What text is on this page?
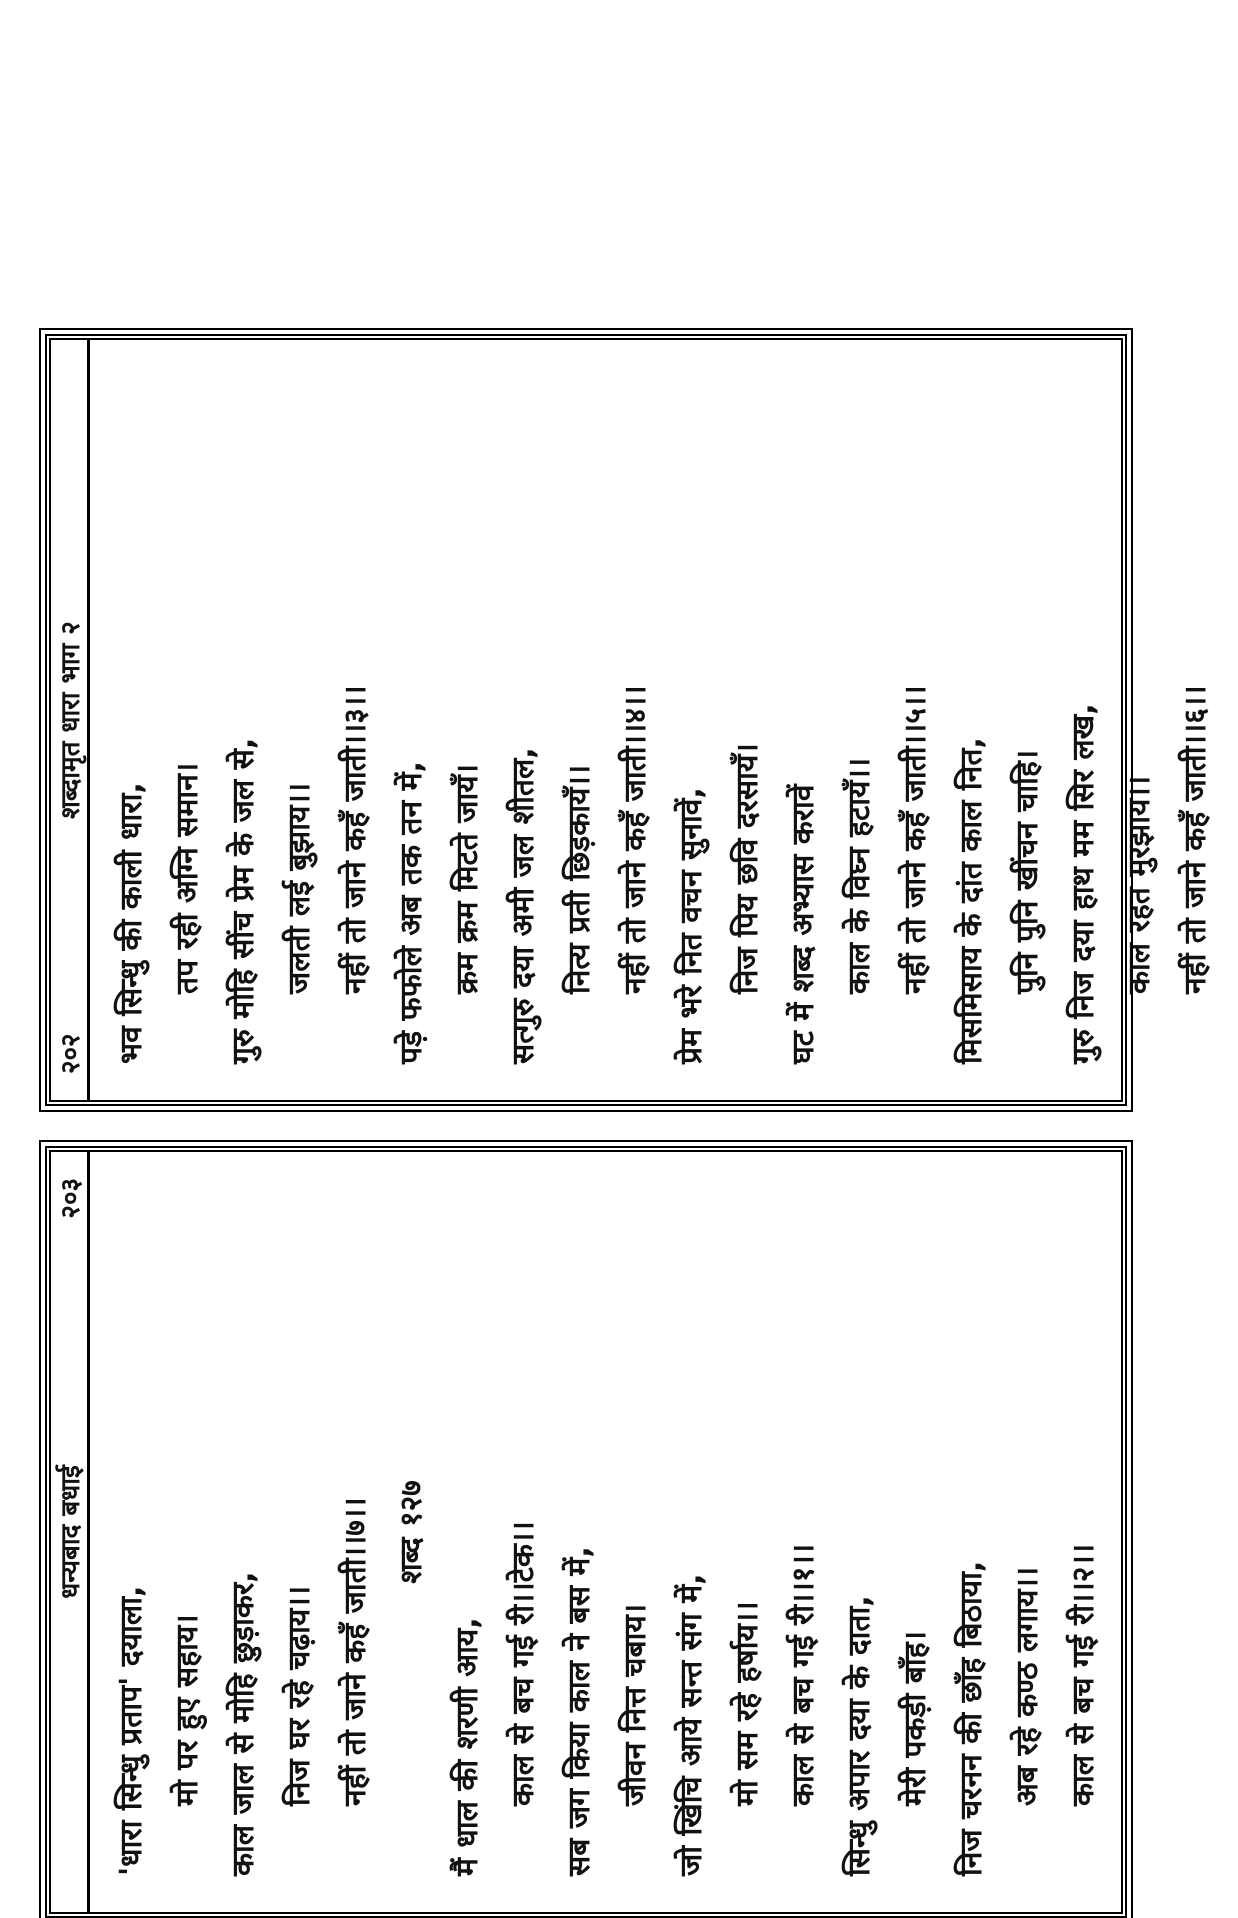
२०२
शब्दामृत धारा भाग २
भव सिन्धु की काली धारा, तप रही अग्नि समान। गुरु मोहि सींच प्रेम के जल से, जलती लई बुझाय।। नहीं तो जाने कहँ जाती।।३।। पड़े फफोले अब तक तन में, क्रम क्रम मिटते जायँ। सत्गुरु दया अमी जल शीतल, नित्य प्रती छिड़कायँ।। नहीं तो जाने कहँ जाती।।४।। प्रेम भरे नित वचन सुनावें, निज पिय छवि दरसायँ। घट में शब्द अभ्यास करावें काल के विघ्न हटायँ।। नहीं तो जाने कहँ जाती।।५।। मिसमिसाय के दांत काल नित, पुनि पुनि खींचन चाहि। गुरु निज दया हाथ मम सिर लख, काल रहत मुरझाय।। नहीं तो जाने कहँ जाती।।६।।
धन्यबाद बधाई
२०३
'धारा सिन्धु प्रताप' दयाला, मो पर हुए सहाय। काल जाल से मोहि छुड़ाकर, निज घर रहे चढ़ाय।। नहीं तो जाने कहँ जाती।।७।। शब्द १२७
मैं धाल की शरणी आय, काल से बच गई री।।टेक।। सब जग किया काल ने बस में, जीवन नित्त चबाय। जो खिंचि आये सन्त संग में, मो सम रहे हर्षाय।। काल से बच गई री।।१।। सिन्धु अपार दया के दाता, मेरी पकड़ी बाँह। निज चरनन की छाँह बिठाया, अब रहे कण्ठ लगाय।। काल से बच गई री।।२।।
